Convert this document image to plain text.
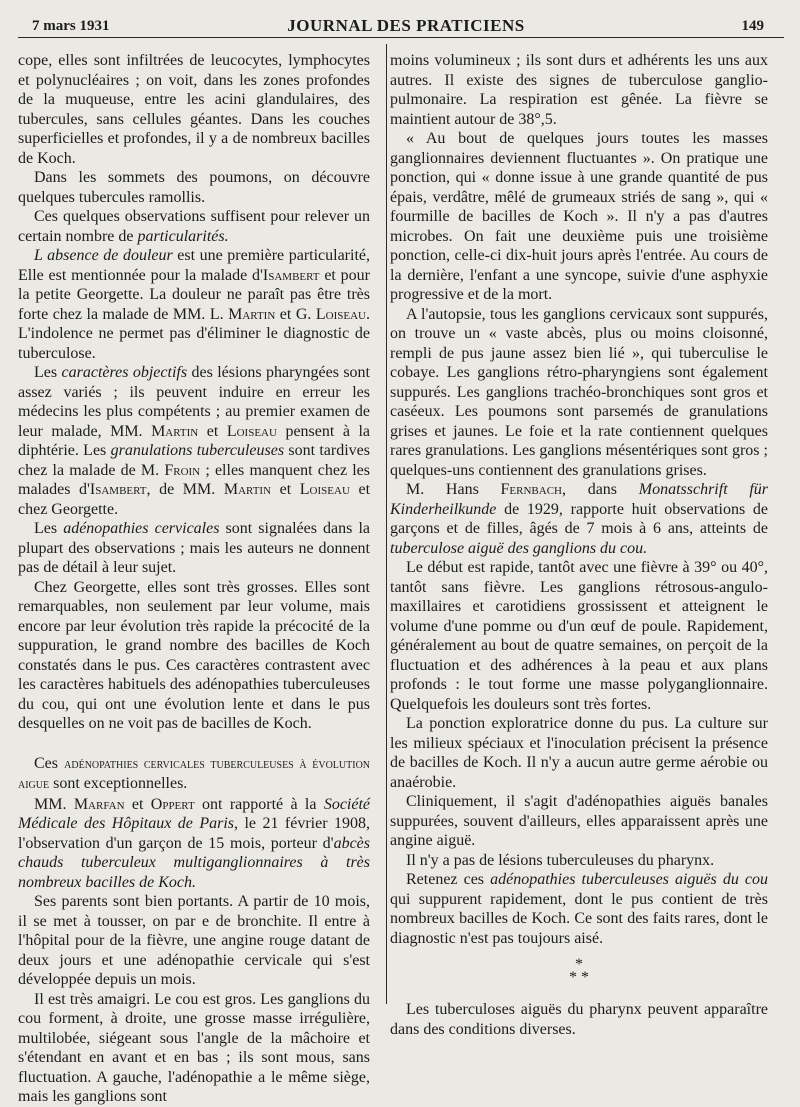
7 mars 1931	JOURNAL DES PRATICIENS	149

cope, elles sont infiltrées de leucocytes, lymphocytes et polynucléaires ; on voit, dans les zones profondes de la muqueuse, entre les acini glandulaires, des tubercules, sans cellules géantes. Dans les couches superficielles et profondes, il y a de nombreux bacilles de Koch.

Dans les sommets des poumons, on découvre quelques tubercules ramollis.

Ces quelques observations suffisent pour relever un certain nombre de particularités.

L absence de douleur est une première particularité, Elle est mentionnée pour la malade d'Isambert et pour la petite Georgette. La douleur ne paraît pas être très forte chez la malade de MM. L. Martin et G. Loiseau. L'indolence ne permet pas d'éliminer le diagnostic de tuberculose.

Les caractères objectifs des lésions pharyngées sont assez variés ; ils peuvent induire en erreur les médecins les plus compétents ; au premier examen de leur malade, MM. Martin et Loiseau pensent à la diphtérie. Les granulations tuberculeuses sont tardives chez la malade de M. Froin ; elles manquent chez les malades d'Isambert, de MM. Martin et Loiseau et chez Georgette.

Les adénopathies cervicales sont signalées dans la plupart des observations ; mais les auteurs ne donnent pas de détail à leur sujet.

Chez Georgette, elles sont très grosses. Elles sont remarquables, non seulement par leur volume, mais encore par leur évolution très rapide la précocité de la suppuration, le grand nombre des bacilles de Koch constatés dans le pus. Ces caractères contrastent avec les caractères habituels des adénopathies tuberculeuses du cou, qui ont une évolution lente et dans le pus desquelles on ne voit pas de bacilles de Koch.

Ces adénopathies cervicales tuberculeuses à évolution aigue sont exceptionnelles.

MM. Marfan et Oppert ont rapporté à la Société Médicale des Hôpitaux de Paris, le 21 février 1908, l'observation d'un garçon de 15 mois, porteur d'abcès chauds tuberculeux multiganglionnaires à très nombreux bacilles de Koch.

Ses parents sont bien portants. A partir de 10 mois, il se met à tousser, on par e de bronchite. Il entre à l'hôpital pour de la fièvre, une angine rouge datant de deux jours et une adénopathie cervicale qui s'est développée depuis un mois.

Il est très amaigri. Le cou est gros. Les ganglions du cou forment, à droite, une grosse masse irrégulière, multilobée, siégeant sous l'angle de la mâchoire et s'étendant en avant et en bas ; ils sont mous, sans fluctuation. A gauche, l'adénopathie a le même siège, mais les ganglions sont

moins volumineux ; ils sont durs et adhérents les uns aux autres. Il existe des signes de tuberculose ganglio-pulmonaire. La respiration est gênée. La fièvre se maintient autour de 38°,5.

« Au bout de quelques jours toutes les masses ganglionnaires deviennent fluctuantes ». On pratique une ponction, qui « donne issue à une grande quantité de pus épais, verdâtre, mêlé de grumeaux striés de sang », qui « fourmille de bacilles de Koch ». Il n'y a pas d'autres microbes. On fait une deuxième puis une troisième ponction, celle-ci dix-huit jours après l'entrée. Au cours de la dernière, l'enfant a une syncope, suivie d'une asphyxie progressive et de la mort.

A l'autopsie, tous les ganglions cervicaux sont suppurés, on trouve un « vaste abcès, plus ou moins cloisonné, rempli de pus jaune assez bien lié », qui tuberculise le cobaye. Les ganglions rétro-pharyngiens sont également suppurés. Les ganglions trachéo-bronchiques sont gros et caséeux. Les poumons sont parsemés de granulations grises et jaunes. Le foie et la rate contiennent quelques rares granulations. Les ganglions mésentériques sont gros ; quelques-uns contiennent des granulations grises.

M. Hans Fernbach, dans Monatsschrift für Kinderheilkunde de 1929, rapporte huit observations de garçons et de filles, âgés de 7 mois à 6 ans, atteints de tuberculose aiguë des ganglions du cou.

Le début est rapide, tantôt avec une fièvre à 39° ou 40°, tantôt sans fièvre. Les ganglions rétrosous-angulo-maxillaires et carotidiens grossissent et atteignent le volume d'une pomme ou d'un œuf de poule. Rapidement, généralement au bout de quatre semaines, on perçoit de la fluctuation et des adhérences à la peau et aux plans profonds : le tout forme une masse polyganglionnaire. Quelquefois les douleurs sont très fortes.

La ponction exploratrice donne du pus. La culture sur les milieux spéciaux et l'inoculation précisent la présence de bacilles de Koch. Il n'y a aucun autre germe aérobie ou anaérobie.

Cliniquement, il s'agit d'adénopathies aiguës banales suppurées, souvent d'ailleurs, elles apparaissent après une angine aiguë.

Il n'y a pas de lésions tuberculeuses du pharynx.

Retenez ces adénopathies tuberculeuses aiguës du cou qui suppurent rapidement, dont le pus contient de très nombreux bacilles de Koch. Ce sont des faits rares, dont le diagnostic n'est pas toujours aisé.

*
* *

Les tuberculoses aiguës du pharynx peuvent apparaître dans des conditions diverses.
